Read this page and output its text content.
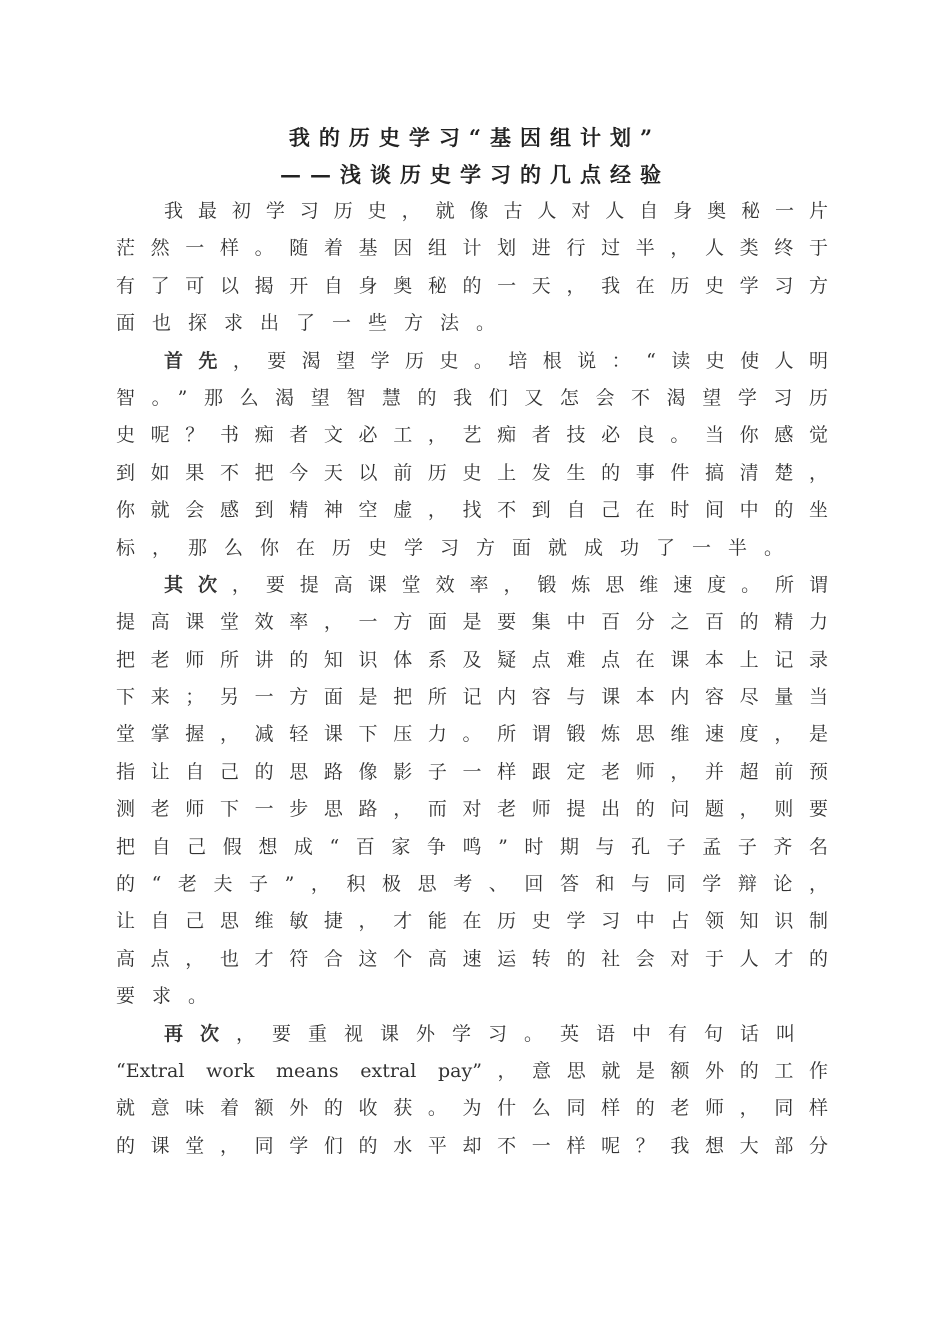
我的历史学习“基因组计划”
——浅谈历史学习的几点经验
我最初学习历史，就像古人对人自身奥秘一片
茫然一样。随着基因组计划进行过半，人类终于
有了可以揭开自身奥秘的一天，我在历史学习方
面也探求出了一些方法。
首先，要渴望学历史。培根说：“读史使人明
智。”那么渴望智慧的我们又怎会不渴望学习历
史呢？书痴者文必工，艺痴者技必良。当你感觉
到如果不把今天以前历史上发生的事件搞清楚，
你就会感到精神空虚，找不到自己在时间中的坐
标，那么你在历史学习方面就成功了一半。
其次，要提高课堂效率，锻炼思维速度。所谓
提高课堂效率，一方面是要集中百分之百的精力
把老师所讲的知识体系及疑点难点在课本上记录
下来；另一方面是把所记内容与课本内容尽量当
堂掌握，减轻课下压力。所谓锻炼思维速度，是
指让自己的思路像影子一样跟定老师，并超前预
测老师下一步思路，而对老师提出的问题，则要
把自己假想成“百家争鸣”时期与孔子孟子齐名
的“老夫子”，积极思考、回答和与同学辩论，
让自己思维敏捷，才能在历史学习中占领知识制
高点，也才符合这个高速运转的社会对于人才的
要求。
再次，要重视课外学习。英语中有句话叫
“Extral work means extral pay”，意思就是额外的工作
就意味着额外的收获。为什么同样的老师，同样
的课堂，同学们的水平却不一样呢？我想大部分
